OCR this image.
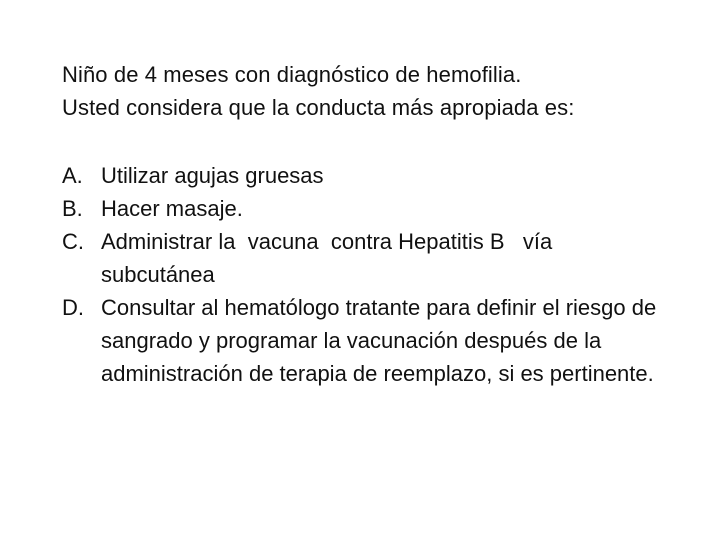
Niño de 4 meses con diagnóstico de hemofilia.

Usted considera que la conducta más apropiada es:

A. Utilizar agujas gruesas
B. Hacer masaje.
C. Administrar la  vacuna  contra Hepatitis B   vía subcutánea
Consultar al hematólogo tratante para definir el riesgo de sangrado y programar la vacunación después de la administración de terapia de reemplazo, si es pertinente.
D.
